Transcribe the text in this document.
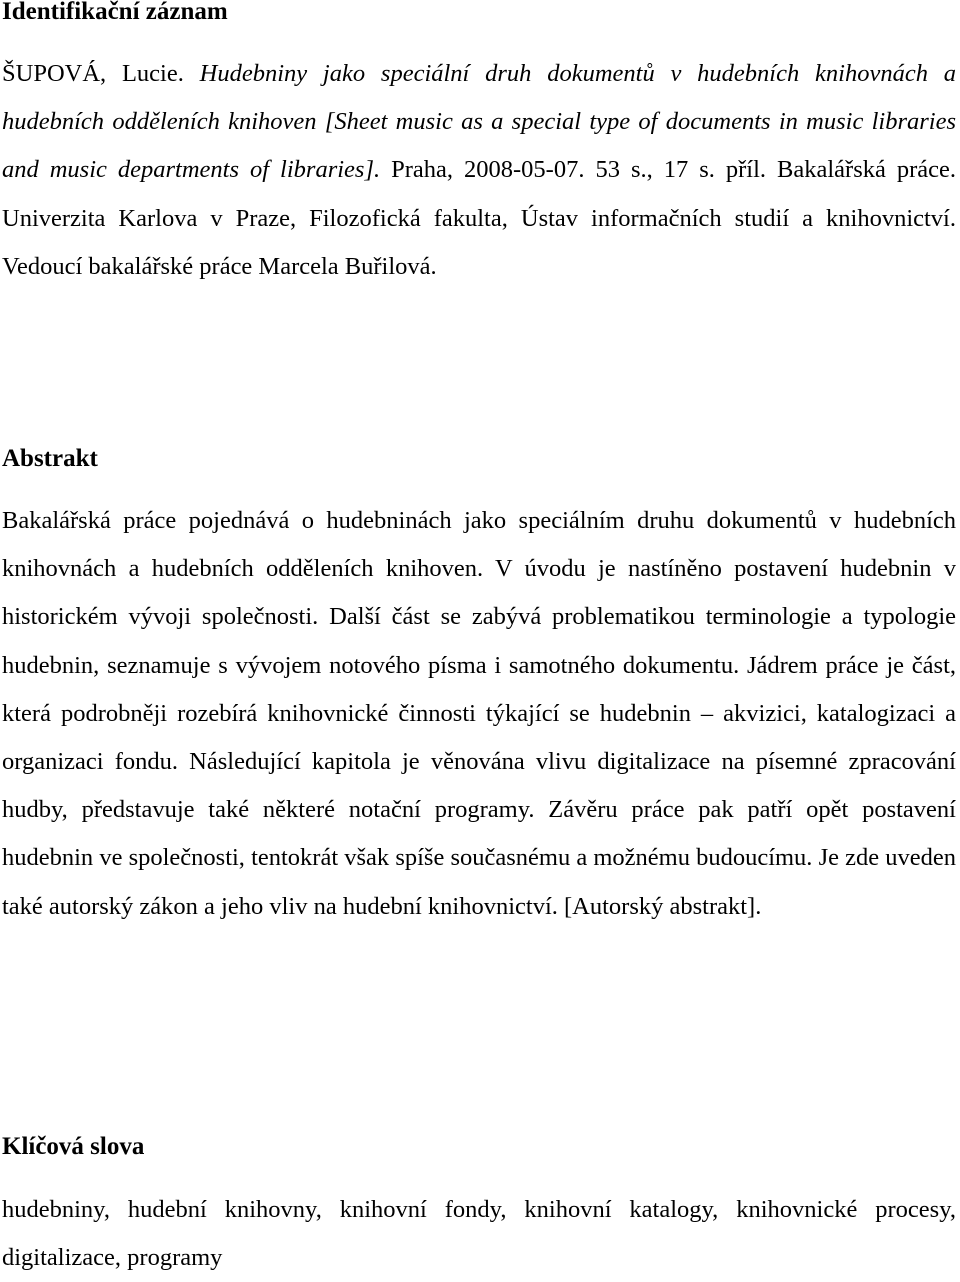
Identifikační záznam

ŠUPOVÁ, Lucie. Hudebniny jako speciální druh dokumentů v hudebních knihovnách a hudebních odděleních knihoven [Sheet music as a special type of documents in music libraries and music departments of libraries]. Praha, 2008-05-07. 53 s., 17 s. příl. Bakalářská práce. Univerzita Karlova v Praze, Filozofická fakulta, Ústav informačních studií a knihovnictví. Vedoucí bakalářské práce Marcela Buřilová.

Abstrakt

Bakalářská práce pojednává o hudebninách jako speciálním druhu dokumentů v hudebních knihovnách a hudebních odděleních knihoven. V úvodu je nastíněno postavení hudebnin v historickém vývoji společnosti. Další část se zabývá problematikou terminologie a typologie hudebnin, seznamuje s vývojem notového písma i samotného dokumentu. Jádrem práce je část, která podrobněji rozebírá knihovnické činnosti týkající se hudebnin – akvizici, katalogizaci a organizaci fondu. Následující kapitola je věnována vlivu digitalizace na písemné zpracování hudby, představuje také některé notační programy. Závěru práce pak patří opět postavení hudebnin ve společnosti, tentokrát však spíše současnému a možnému budoucímu. Je zde uveden také autorský zákon a jeho vliv na hudební knihovnictví. [Autorský abstrakt].

Klíčová slova

hudebniny, hudební knihovny, knihovní fondy, knihovní katalogy, knihovnické procesy, digitalizace, programy
